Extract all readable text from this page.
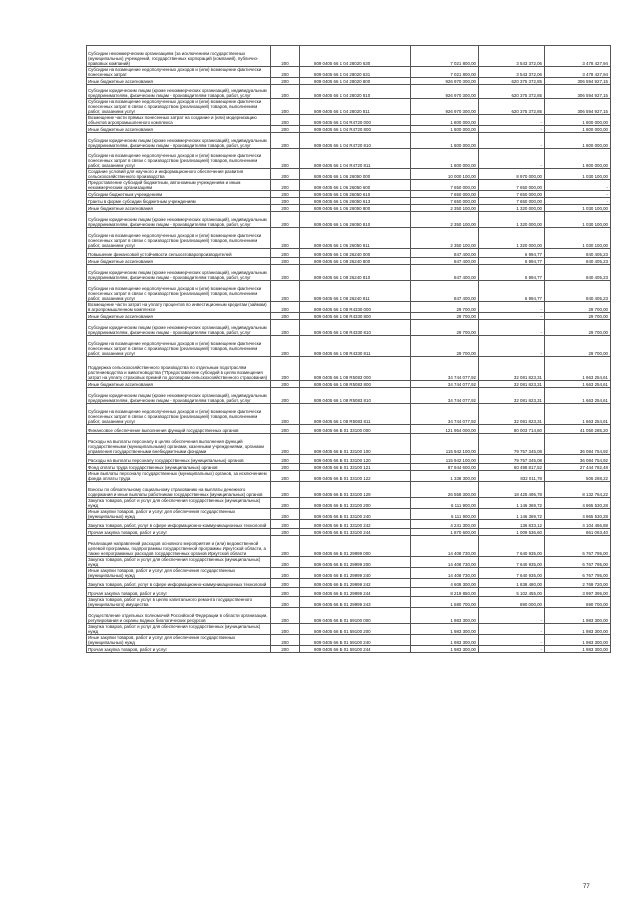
Субсидии некоммерческим организациям (за исключением государственных (муниципальных) учреждений, государственных корпораций (компаний), публично-правовых компаний)	200	809 0405 66 1 04 28020 630	7 021 800,00	3 543 372,06	3 478 427,94
Субсидии на возмещение недополученных доходов и (или) возмещение фактически понесенных затрат	200	809 0405 66 1 04 28020 631	7 021 800,00	3 543 372,06	3 478 427,94
Иные бюджетные ассигнования	200	809 0405 66 1 04 28020 800	926 970 300,00	620 375 372,85	306 594 927,15
Субсидии юридическим лицам (кроме некоммерческих организаций), индивидуальным предпринимателям, физическим лицам - производителям товаров, работ, услуг	200	809 0405 66 1 04 28020 810	926 970 300,00	620 375 372,85	306 594 927,15
Субсидии на возмещение недополученных доходов и (или) возмещение фактически понесенных затрат в связи с производством (реализацией) товаров, выполнением работ, оказанием услуг	200	809 0405 66 1 04 28020 811	926 970 300,00	620 375 372,85	306 594 927,15
Возмещение части прямых понесенных затрат на создание и (или) модернизацию объектов агропромышленного комплекса	200	809 0405 66 1 04 R4720 000	1 800 000,00	-	1 800 000,00
Иные бюджетные ассигнования	200	809 0405 66 1 04 R4720 800	1 800 000,00	-	1 800 000,00
Субсидии юридическим лицам (кроме некоммерческих организаций), индивидуальным предпринимателям, физическим лицам - производителям товаров, работ, услуг	200	809 0405 66 1 04 R4720 810	1 800 000,00	-	1 800 000,00
Субсидии на возмещение недополученных доходов и (или) возмещение фактически понесенных затрат в связи с производством (реализацией) товаров, выполнением работ, оказанием услуг	200	809 0405 66 1 04 R4720 811	1 800 000,00	-	1 800 000,00
Создание условий для научного и информационного обеспечения развития сельскохозяйственного производства	200	809 0405 66 1 06 26050 000	10 000 100,00	8 970 000,00	1 030 100,00
Предоставление субсидий бюджетным, автономным учреждениям и иным некоммерческим организациям	200	809 0405 66 1 06 26050 600	7 650 000,00	7 650 000,00	-
Субсидии бюджетным учреждениям	200	809 0405 66 1 06 26050 610	7 650 000,00	7 650 000,00	-
Гранты в форме субсидии бюджетным учреждениям	200	809 0405 66 1 06 26050 613	7 650 000,00	7 650 000,00	-
Иные бюджетные ассигнования	200	809 0405 66 1 06 26050 800	2 350 100,00	1 320 000,00	1 030 100,00
Субсидии юридическим лицам (кроме некоммерческих организаций), индивидуальным предпринимателям, физическим лицам - производителям товаров, работ, услуг	200	809 0405 66 1 06 26050 810	2 350 100,00	1 320 000,00	1 030 100,00
Субсидии на возмещение недополученных доходов и (или) возмещение фактически понесенных затрат в связи с производством (реализацией) товаров, выполнением работ, оказанием услуг	200	809 0405 66 1 06 26050 811	2 350 100,00	1 320 000,00	1 030 100,00
Повышение финансовой устойчивости сельхозтоваропроизводителей	200	809 0405 66 1 08 26240 000	847 400,00	6 994,77	840 405,23
Иные бюджетные ассигнования	200	809 0405 66 1 08 26240 800	847 400,00	6 994,77	840 405,23
Субсидии юридическим лицам (кроме некоммерческих организаций), индивидуальным предпринимателям, физическим лицам - производителям товаров, работ, услуг	200	809 0405 66 1 08 26240 810	847 400,00	6 994,77	840 405,23
Субсидии на возмещение недополученных доходов и (или) возмещение фактически понесенных затрат в связи с производством (реализацией) товаров, выполнением работ, оказанием услуг	200	809 0405 66 1 08 26240 811	847 400,00	6 994,77	840 405,23
Возмещение части затрат на уплату процентов по инвестиционным кредитам (займам) в агропромышленном комплексе	200	809 0405 66 1 08 R4330 000	29 700,00	-	29 700,00
Иные бюджетные ассигнования	200	809 0405 66 1 08 R4330 800	29 700,00	-	29 700,00
Субсидии юридическим лицам (кроме некоммерческих организаций), индивидуальным предпринимателям, физическим лицам - производителям товаров, работ, услуг	200	809 0405 66 1 08 R4330 810	29 700,00	-	29 700,00
Субсидии на возмещение недополученных доходов и (или) возмещение фактически понесенных затрат в связи с производством (реализацией) товаров, выполнением работ, оказанием услуг	200	809 0405 66 1 08 R4330 811	29 700,00	-	29 700,00
Поддержка сельскохозяйственного производства по отдельным подотраслям растениеводства и животноводства ("Предоставление субсидий в целях возмещения затрат на уплату страховых премий по договорам сельскохозяйственного страхования)	200	809 0405 66 1 08 R5083 000	34 744 077,92	32 081 823,31	1 663 254,61
Иные бюджетные ассигнования	200	809 0405 66 1 08 R5083 800	34 744 077,92	32 081 823,31	1 663 254,61
Субсидии юридическим лицам (кроме некоммерческих организаций), индивидуальным предпринимателям, физическим лицам - производителям товаров, работ, услуг	200	809 0405 66 1 08 R5083 810	34 744 077,92	32 081 823,31	1 663 254,61
Субсидии на возмещение недополученных доходов и (или) возмещение фактически понесенных затрат в связи с производством (реализацией) товаров, выполнением работ, оказанием услуг	200	809 0405 66 1 08 R5083 811	34 744 077,92	32 081 823,31	1 663 254,61
Финансовое обеспечение выполнения функций государственных органов	200	809 0405 66 Б 01 33100 000	121 954 000,00	80 003 714,60	41 050 285,20
Расходы на выплаты персоналу в целях обеспечения выполнения функций государственными (муниципальными) органами, казенными учреждениями, органами управления государственными внебюджетными фондами	200	809 0405 66 Б 01 33100 100	115 942 100,00	79 757 345,08	36 084 754,92
Расходы на выплаты персоналу государственных (муниципальных) органов	200	809 0405 66 Б 01 33100 120	115 942 100,00	79 757 345,08	36 084 754,92
Фонд оплаты труда государственных (муниципальных) органов	200	809 0405 66 Б 01 33100 121	87 944 600,00	60 498 817,52	27 444 782,48
Иные выплаты персоналу государственных (муниципальных) органов, за исключением фонда оплаты труда	200	809 0405 66 Б 01 33100 122	1 338 300,00	832 011,78	506 288,22
Взносы по обязательному социальному страхованию на выплаты денежного содержания и иные выплаты работникам государственных (муниципальных) органов	200	809 0405 66 Б 01 33100 129	26 558 300,00	18 425 495,78	8 132 764,22
Закупка товаров, работ и услуг для обеспечения государственных (муниципальных) нужд	200	809 0405 66 Б 01 33100 200	6 111 900,00	1 146 369,72	4 965 530,28
Иные закупки товаров, работ и услуг для обеспечения государственных (муниципальных) нужд	200	809 0405 66 Б 01 33100 240	6 111 900,00	1 146 369,72	4 965 530,28
Закупка товаров, работ, услуг в сфере информационно-коммуникационных технологий	200	809 0405 66 Б 01 33100 242	4 241 300,00	136 833,12	4 104 466,88
Прочая закупка товаров, работ и услуг	200	809 0405 66 Б 01 33100 244	1 870 600,00	1 009 536,60	861 063,40
Реализация направлений расходов основного мероприятия и (или) ведомственной целевой программы, подпрограммы государственной программы Иркутской области, а также непрограммных расходов государственных органов Иркутской области	200	809 0405 66 Б 01 29999 000	14 408 730,00	7 640 935,00	6 767 795,00
Закупка товаров, работ и услуг для обеспечения государственных (муниципальных) нужд	200	809 0405 66 Б 01 29999 200	14 408 730,00	7 640 935,00	6 767 795,00
Иные закупки товаров, работ и услуг для обеспечения государственных (муниципальных) нужд	200	809 0405 66 Б 01 29999 240	14 408 730,00	7 640 935,00	6 767 795,00
Закупка товаров, работ, услуг в сфере информационно-коммуникационных технологий	200	809 0405 66 Б 01 29999 242	4 608 300,00	1 838 480,00	2 769 720,00
Прочая закупка товаров, работ и услуг	200	809 0405 66 Б 01 29999 244	8 219 850,00	5 102 455,00	3 997 395,00
Закупка товаров, работ и услуг в целях капитального ремонта государственного (муниципального) имущества	200	809 0405 66 Б 01 29999 243	1 580 700,00	890 000,00	690 700,00
Осуществление отдельных полномочий Российской Федерации в области организации, регулирования и охраны водных биологических ресурсов	200	809 0405 66 Б 01 59100 000	1 983 300,00	-	1 983 300,00
Закупка товаров, работ и услуг для обеспечения государственных (муниципальных) нужд	200	809 0405 66 Б 01 59100 200	1 983 300,00	-	1 983 300,00
Иные закупки товаров, работ и услуг для обеспечения государственных (муниципальных) нужд	200	809 0405 66 Б 01 59100 240	1 983 300,00	-	1 983 300,00
Прочая закупка товаров, работ и услуг	200	809 0405 66 Б 01 59100 244	1 983 300,00	-	1 983 300,00
77
